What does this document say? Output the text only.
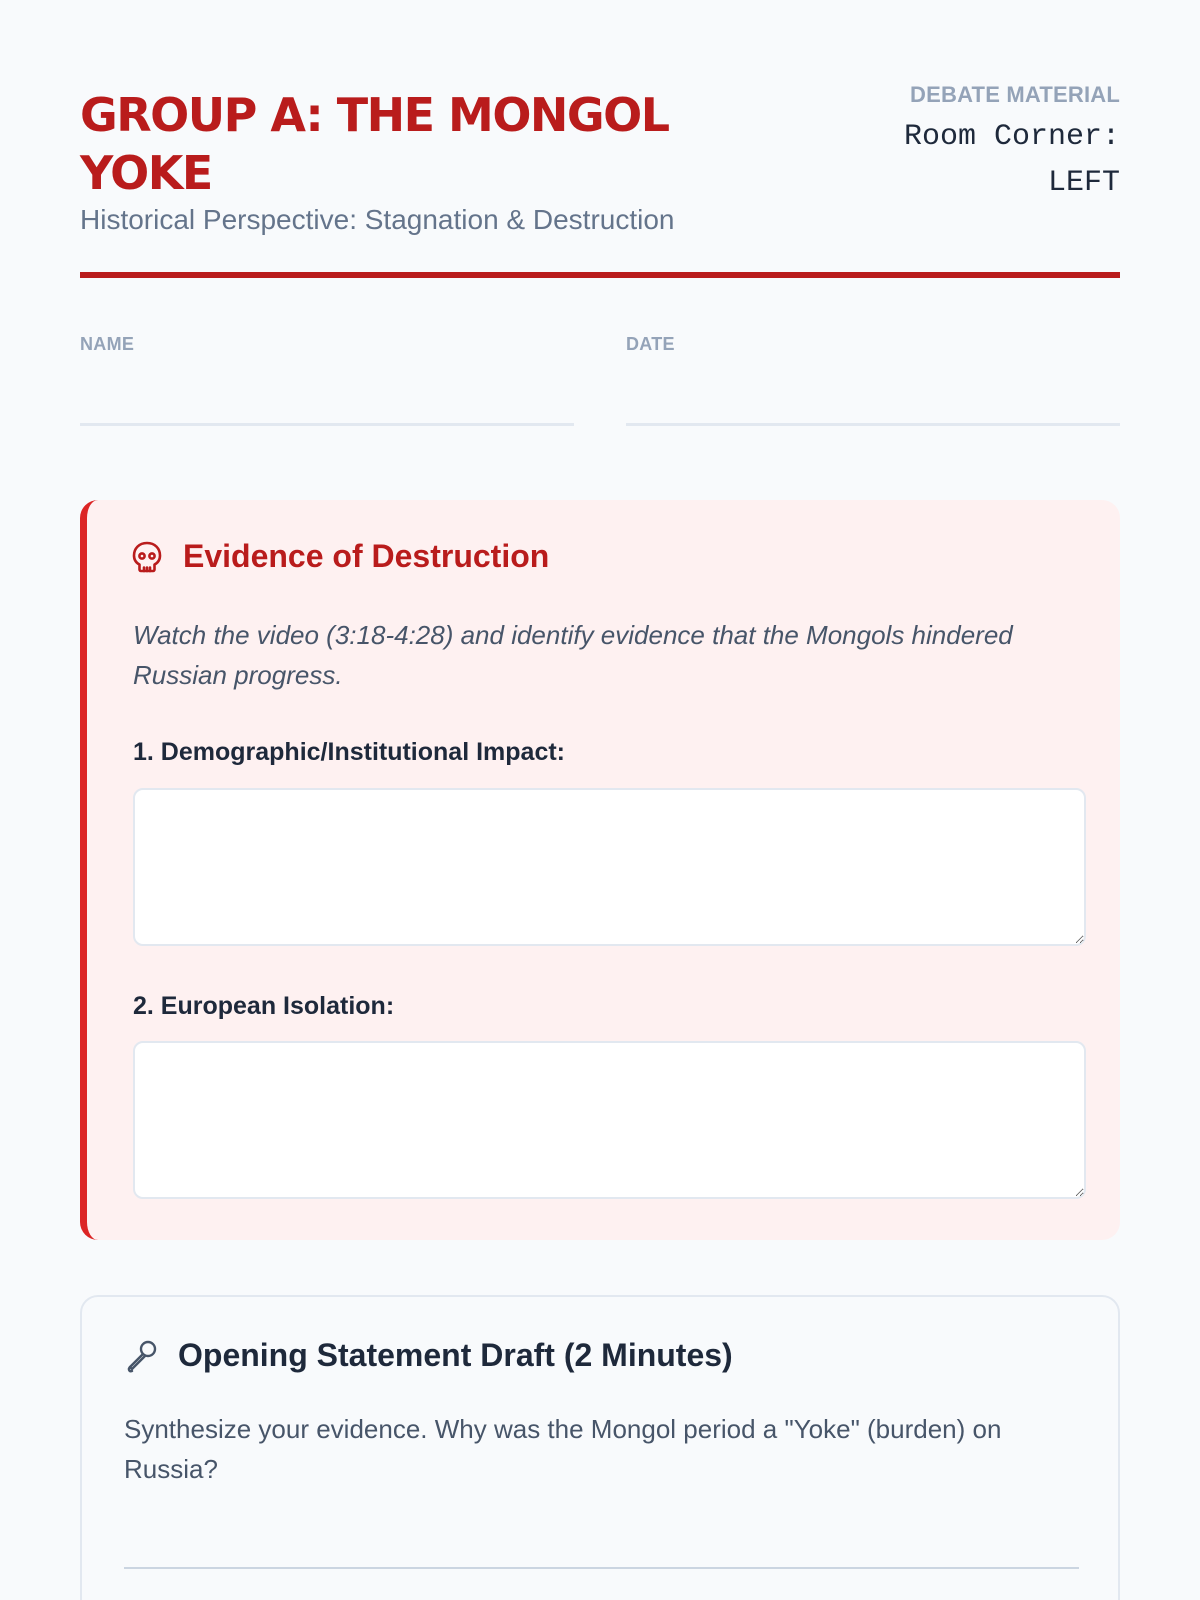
GROUP A: THE MONGOL YOKE
Historical Perspective: Stagnation & Destruction
DEBATE MATERIAL
Room Corner: LEFT
NAME	DATE
Evidence of Destruction
Watch the video (3:18-4:28) and identify evidence that the Mongols hindered Russian progress.
1. Demographic/Institutional Impact:
2. European Isolation:
Opening Statement Draft (2 Minutes)
Synthesize your evidence. Why was the Mongol period a "Yoke" (burden) on Russia?
